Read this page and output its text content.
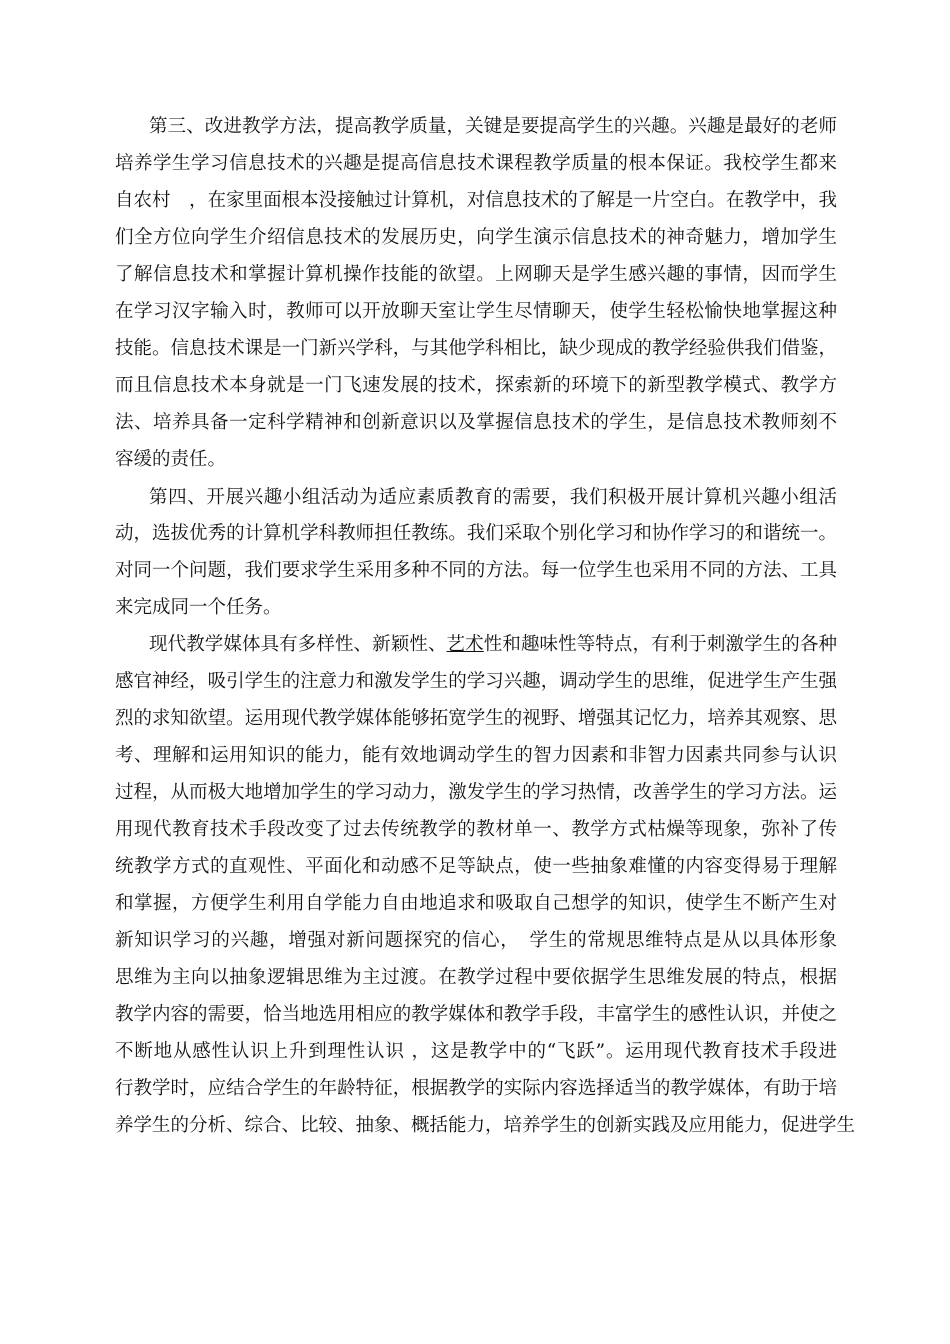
第三、改进教学方法，提高教学质量，关键是要提高学生的兴趣。兴趣是最好的老师
培养学生学习信息技术的兴趣是提高信息技术课程教学质量的根本保证。我校学生都来
自农村　，在家里面根本没接触过计算机，对信息技术的了解是一片空白。在教学中，我
们全方位向学生介绍信息技术的发展历史，向学生演示信息技术的神奇魅力，增加学生
了解信息技术和掌握计算机操作技能的欲望。上网聊天是学生感兴趣的事情，因而学生
在学习汉字输入时，教师可以开放聊天室让学生尽情聊天，使学生轻松愉快地掌握这种
技能。信息技术课是一门新兴学科，与其他学科相比，缺少现成的教学经验供我们借鉴，
而且信息技术本身就是一门飞速发展的技术，探索新的环境下的新型教学模式、教学方
法、培养具备一定科学精神和创新意识以及掌握信息技术的学生，是信息技术教师刻不
容缓的责任。
第四、开展兴趣小组活动为适应素质教育的需要，我们积极开展计算机兴趣小组活
动，选拔优秀的计算机学科教师担任教练。我们采取个别化学习和协作学习的和谐统一。
对同一个问题，我们要求学生采用多种不同的方法。每一位学生也采用不同的方法、工具
来完成同一个任务。
现代教学媒体具有多样性、新颖性、艺术性和趣味性等特点，有利于刺激学生的各种
感官神经，吸引学生的注意力和激发学生的学习兴趣，调动学生的思维，促进学生产生强
烈的求知欲望。运用现代教学媒体能够拓宽学生的视野、增强其记忆力，培养其观察、思
考、理解和运用知识的能力，能有效地调动学生的智力因素和非智力因素共同参与认识
过程，从而极大地增加学生的学习动力，激发学生的学习热情，改善学生的学习方法。运
用现代教育技术手段改变了过去传统教学的教材单一、教学方式枯燥等现象，弥补了传
统教学方式的直观性、平面化和动感不足等缺点，使一些抽象难懂的内容变得易于理解
和掌握，方便学生利用自学能力自由地追求和吸取自己想学的知识，使学生不断产生对
新知识学习的兴趣，增强对新问题探究的信心，　学生的常规思维特点是从以具体形象
思维为主向以抽象逻辑思维为主过渡。在教学过程中要依据学生思维发展的特点，根据
教学内容的需要，恰当地选用相应的教学媒体和教学手段，丰富学生的感性认识，并使之
不断地从感性认识上升到理性认识 ，这是教学中的“飞跃”。运用现代教育技术手段进
行教学时，应结合学生的年龄特征，根据教学的实际内容选择适当的教学媒体，有助于培
养学生的分析、综合、比较、抽象、概括能力，培养学生的创新实践及应用能力，促进学生
